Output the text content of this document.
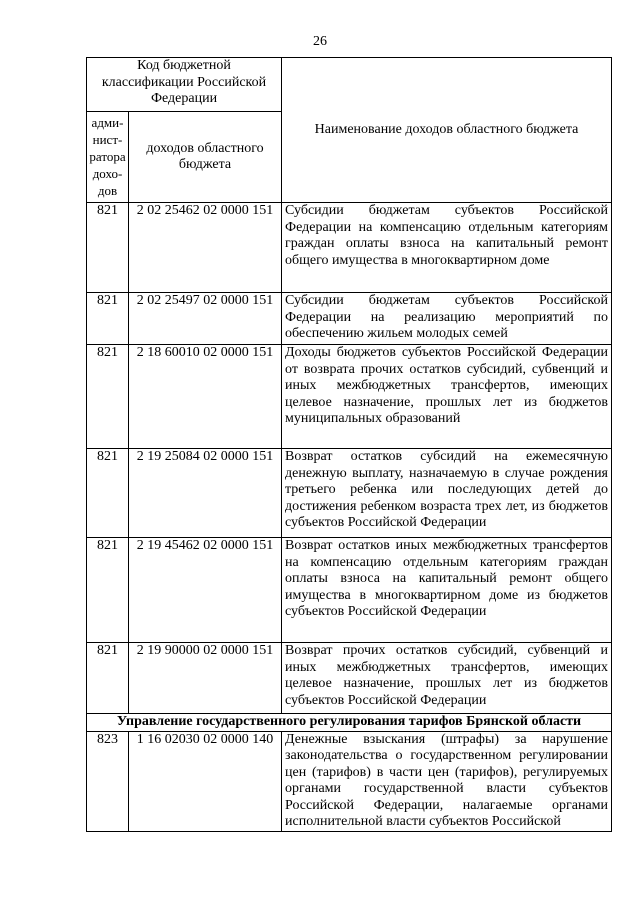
26
Код бюджетной классификации Российской Федерации		Наименование доходов областного бюджета
адми-нист-ратора дохо-дов	доходов областного бюджета	
821	2 02 25462 02 0000 151	Субсидии бюджетам субъектов Российской Федерации на компенсацию отдельным категориям граждан оплаты взноса на капитальный ремонт общего имущества в многоквартирном доме
821	2 02 25497 02 0000 151	Субсидии бюджетам субъектов Российской Федерации на реализацию мероприятий по обеспечению жильем молодых семей
821	2 18 60010 02 0000 151	Доходы бюджетов субъектов Российской Федерации от возврата прочих остатков субсидий, субвенций и иных межбюджетных трансфертов, имеющих целевое назначение, прошлых лет из бюджетов муниципальных образований
821	2 19 25084 02 0000 151	Возврат остатков субсидий на ежемесячную денежную выплату, назначаемую в случае рождения третьего ребенка или последующих детей до достижения ребенком возраста трех лет, из бюджетов субъектов Российской Федерации
821	2 19 45462 02 0000 151	Возврат остатков иных межбюджетных трансфертов на компенсацию отдельным категориям граждан оплаты взноса на капитальный ремонт общего имущества в многоквартирном доме из бюджетов субъектов Российской Федерации
821	2 19 90000 02 0000 151	Возврат прочих остатков субсидий, субвенций и иных межбюджетных трансфертов, имеющих целевое назначение, прошлых лет из бюджетов субъектов Российской Федерации
Управление государственного регулирования тарифов Брянской области		
823	1 16 02030 02 0000 140	Денежные взыскания (штрафы) за нарушение законодательства о государственном регулировании цен (тарифов) в части цен (тарифов), регулируемых органами государственной власти субъектов Российской Федерации, налагаемые органами исполнительной власти субъектов Российской
